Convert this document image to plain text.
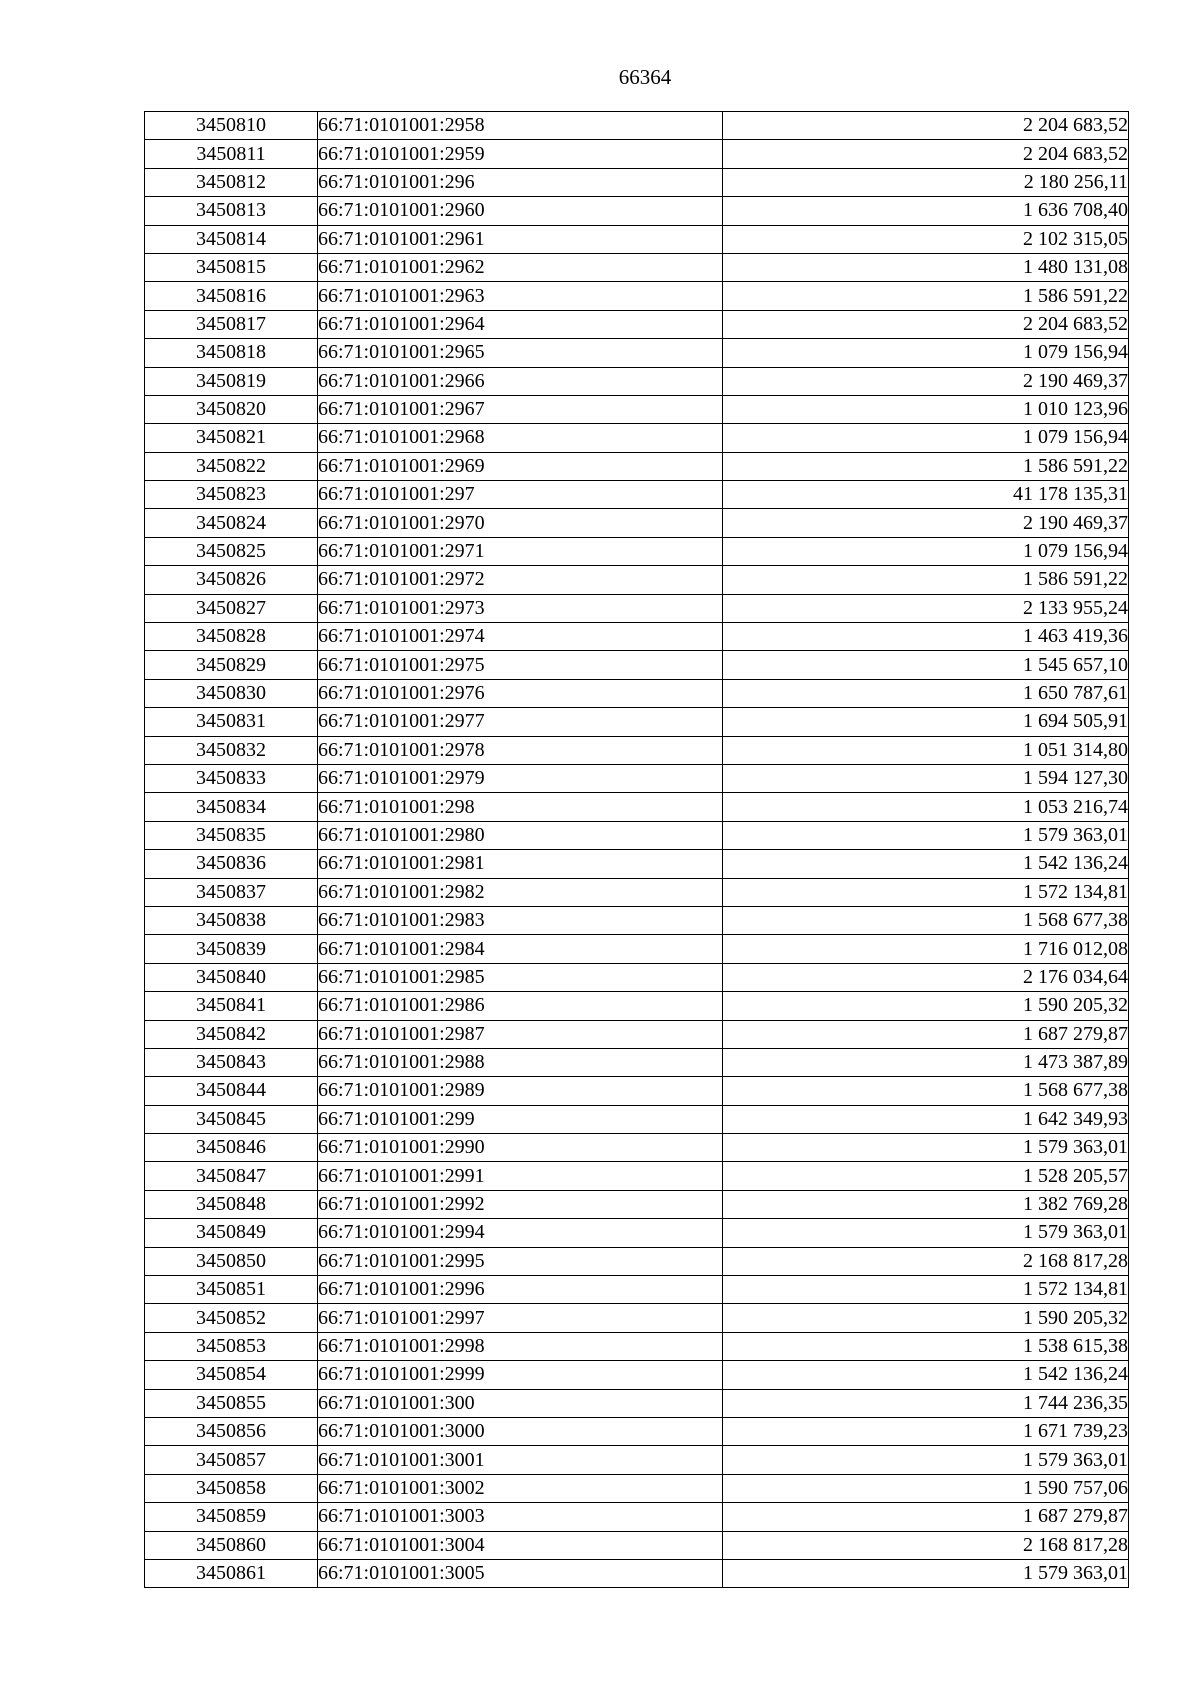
66364
3450810	66:71:0101001:2958	2 204 683,52
3450811	66:71:0101001:2959	2 204 683,52
3450812	66:71:0101001:296	2 180 256,11
3450813	66:71:0101001:2960	1 636 708,40
3450814	66:71:0101001:2961	2 102 315,05
3450815	66:71:0101001:2962	1 480 131,08
3450816	66:71:0101001:2963	1 586 591,22
3450817	66:71:0101001:2964	2 204 683,52
3450818	66:71:0101001:2965	1 079 156,94
3450819	66:71:0101001:2966	2 190 469,37
3450820	66:71:0101001:2967	1 010 123,96
3450821	66:71:0101001:2968	1 079 156,94
3450822	66:71:0101001:2969	1 586 591,22
3450823	66:71:0101001:297	41 178 135,31
3450824	66:71:0101001:2970	2 190 469,37
3450825	66:71:0101001:2971	1 079 156,94
3450826	66:71:0101001:2972	1 586 591,22
3450827	66:71:0101001:2973	2 133 955,24
3450828	66:71:0101001:2974	1 463 419,36
3450829	66:71:0101001:2975	1 545 657,10
3450830	66:71:0101001:2976	1 650 787,61
3450831	66:71:0101001:2977	1 694 505,91
3450832	66:71:0101001:2978	1 051 314,80
3450833	66:71:0101001:2979	1 594 127,30
3450834	66:71:0101001:298	1 053 216,74
3450835	66:71:0101001:2980	1 579 363,01
3450836	66:71:0101001:2981	1 542 136,24
3450837	66:71:0101001:2982	1 572 134,81
3450838	66:71:0101001:2983	1 568 677,38
3450839	66:71:0101001:2984	1 716 012,08
3450840	66:71:0101001:2985	2 176 034,64
3450841	66:71:0101001:2986	1 590 205,32
3450842	66:71:0101001:2987	1 687 279,87
3450843	66:71:0101001:2988	1 473 387,89
3450844	66:71:0101001:2989	1 568 677,38
3450845	66:71:0101001:299	1 642 349,93
3450846	66:71:0101001:2990	1 579 363,01
3450847	66:71:0101001:2991	1 528 205,57
3450848	66:71:0101001:2992	1 382 769,28
3450849	66:71:0101001:2994	1 579 363,01
3450850	66:71:0101001:2995	2 168 817,28
3450851	66:71:0101001:2996	1 572 134,81
3450852	66:71:0101001:2997	1 590 205,32
3450853	66:71:0101001:2998	1 538 615,38
3450854	66:71:0101001:2999	1 542 136,24
3450855	66:71:0101001:300	1 744 236,35
3450856	66:71:0101001:3000	1 671 739,23
3450857	66:71:0101001:3001	1 579 363,01
3450858	66:71:0101001:3002	1 590 757,06
3450859	66:71:0101001:3003	1 687 279,87
3450860	66:71:0101001:3004	2 168 817,28
3450861	66:71:0101001:3005	1 579 363,01
